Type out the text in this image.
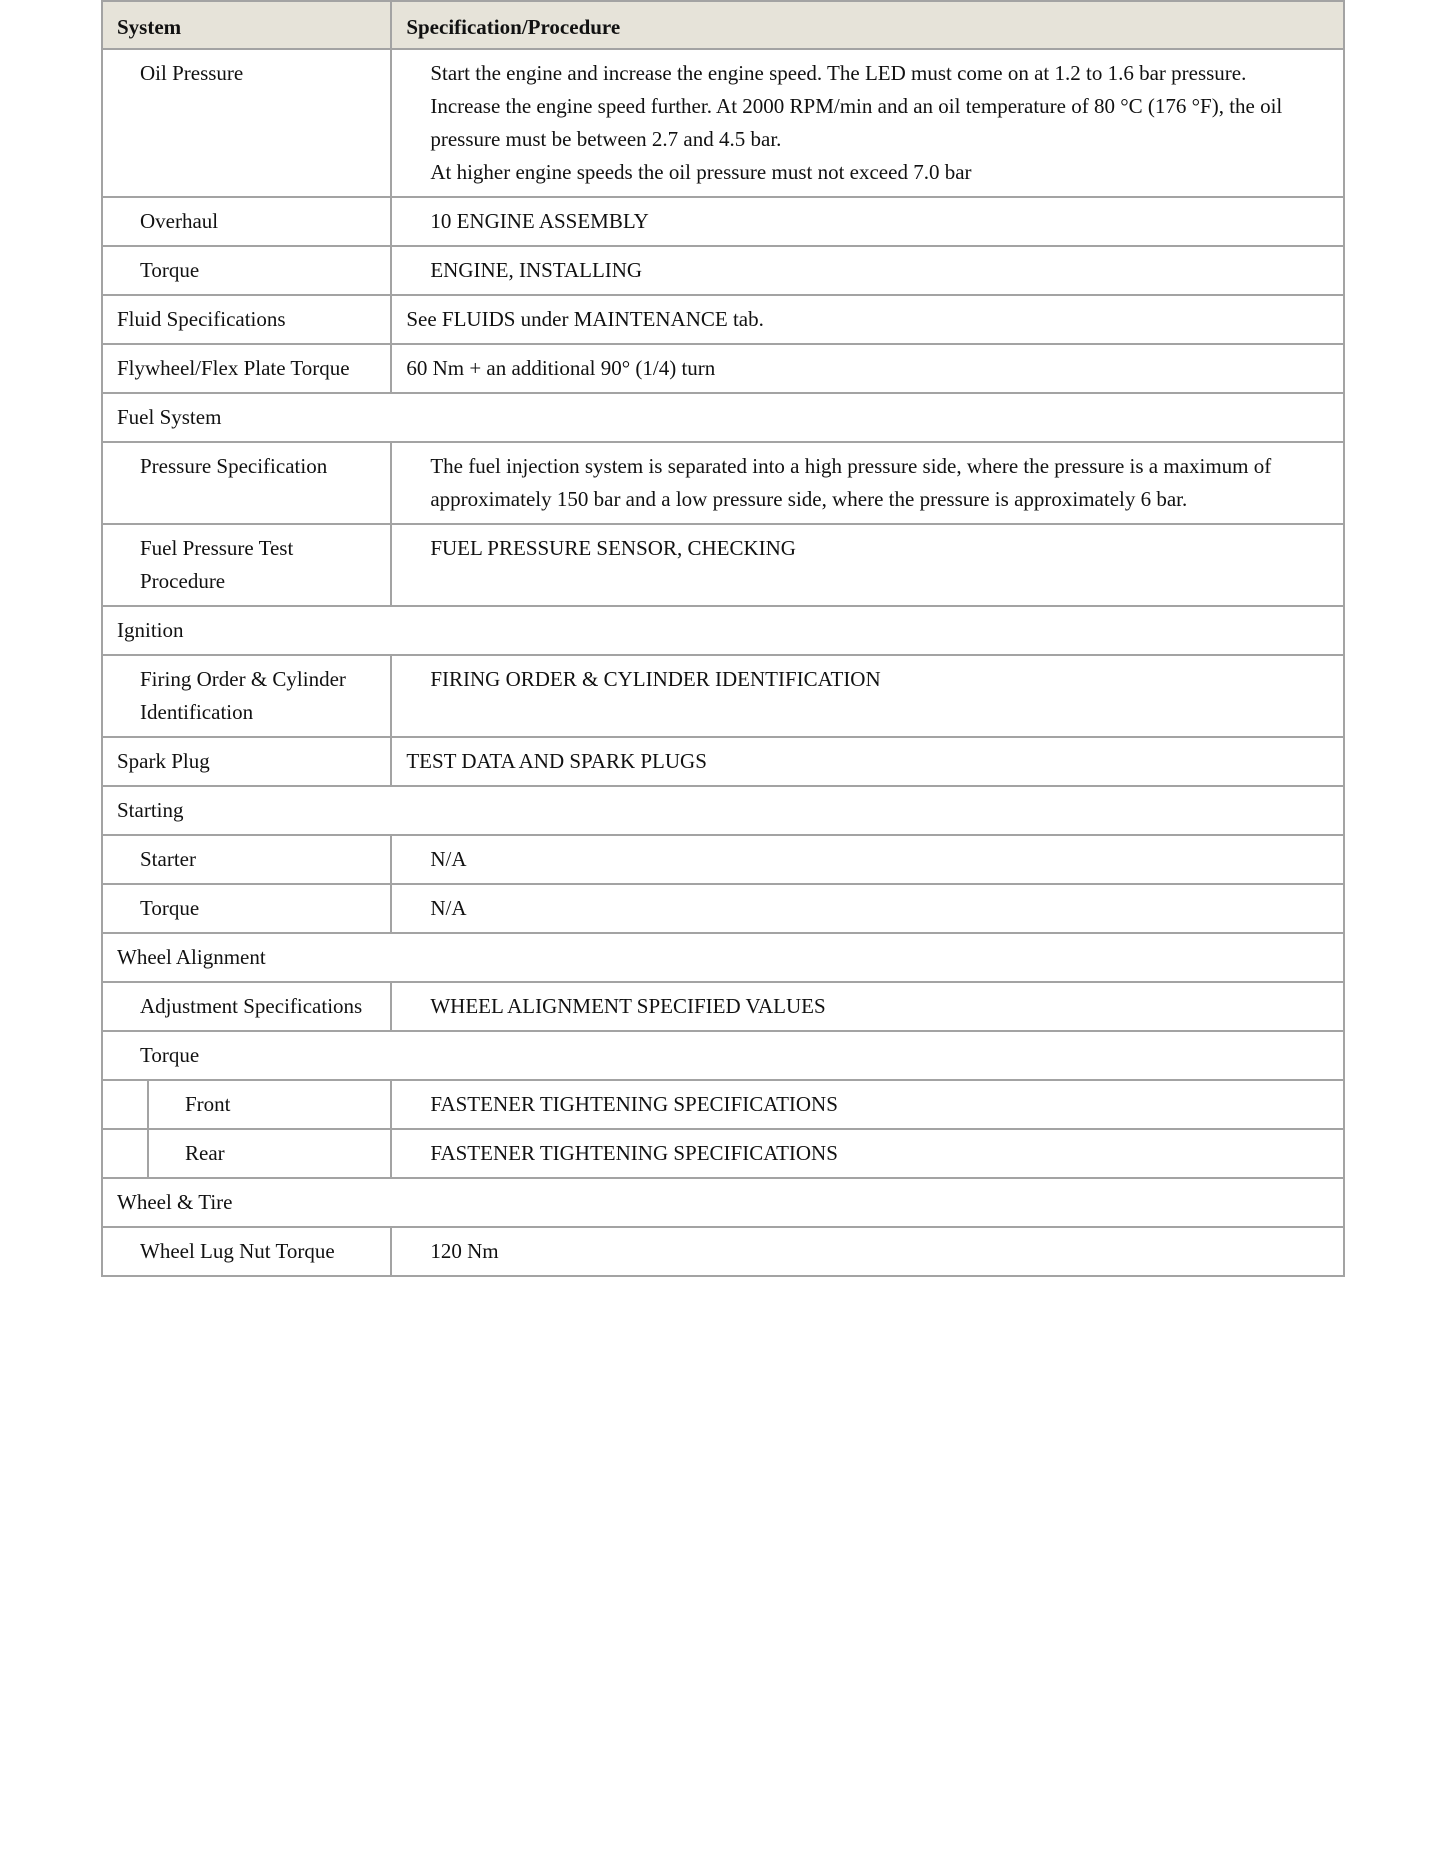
System		Specification/Procedure
Oil Pressure		Start the engine and increase the engine speed. The LED must come on at 1.2 to 1.6 bar pressure.
Increase the engine speed further. At 2000 RPM/min and an oil temperature of 80 °C (176 °F), the oil pressure must be between 2.7 and 4.5 bar.
At higher engine speeds the oil pressure must not exceed 7.0 bar

Overhaul		10 ENGINE ASSEMBLY
Torque		ENGINE, INSTALLING
Fluid Specifications		See FLUIDS under MAINTENANCE tab.
Flywheel/Flex Plate Torque		60 Nm + an additional 90° (1/4) turn
Fuel System		
Pressure Specification		The fuel injection system is separated into a high pressure side, where the pressure is a maximum of approximately 150 bar and a low pressure side, where the pressure is approximately 6 bar.
Fuel Pressure Test Procedure		FUEL PRESSURE SENSOR, CHECKING
Ignition		
Firing Order & Cylinder Identification		FIRING ORDER & CYLINDER IDENTIFICATION
Spark Plug		TEST DATA AND SPARK PLUGS
Starting		
Starter		N/A
Torque		N/A
Wheel Alignment		
Adjustment Specifications		WHEEL ALIGNMENT SPECIFIED VALUES
Torque		
	Front	FASTENER TIGHTENING SPECIFICATIONS
	Rear	FASTENER TIGHTENING SPECIFICATIONS
Wheel & Tire		
Wheel Lug Nut Torque		120 Nm
